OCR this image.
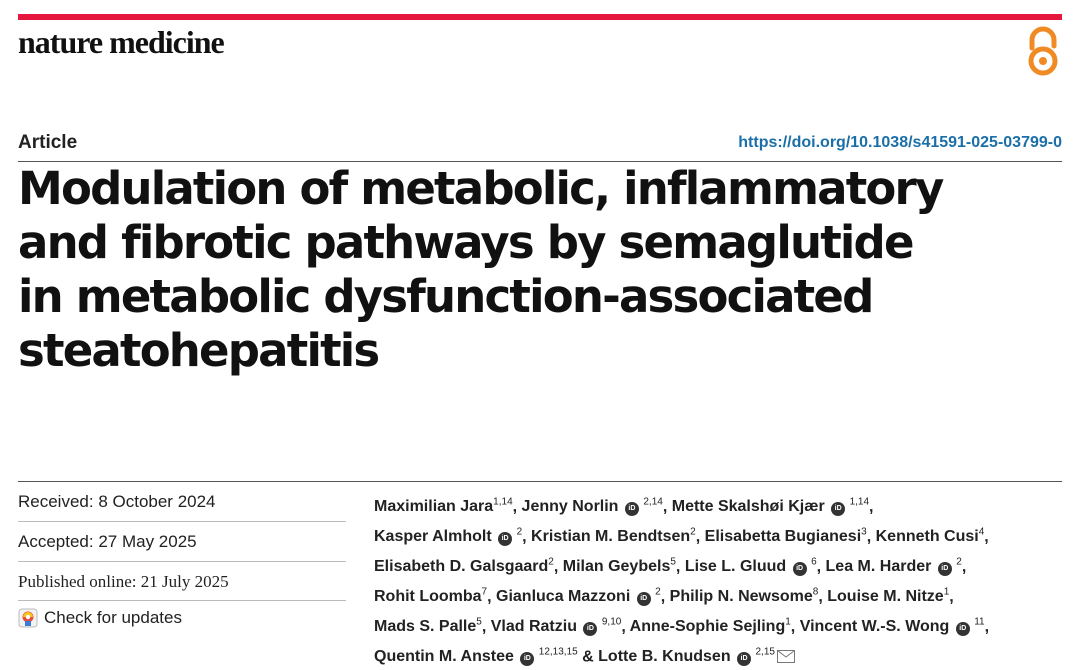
nature medicine
Article	https://doi.org/10.1038/s41591-025-03799-0
Modulation of metabolic, inflammatory
and fibrotic pathways by semaglutide
in metabolic dysfunction-associated
steatohepatitis
Received: 8 October 2024
Accepted: 27 May 2025
Published online: 21 July 2025
Check for updates
Maximilian Jara$^{1,14}$, Jenny Norlin iD $^{2,14}$, Mette Skalshøi Kjær iD $^{1,14}$,
Kasper Almholt iD $^2$, Kristian M. Bendtsen$^2$, Elisabetta Bugianesi$^3$, Kenneth Cusi$^4$,
Elisabeth D. Galsgaard$^2$, Milan Geybels$^5$, Lise L. Gluud iD $^6$, Lea M. Harder iD $^2$,
Rohit Loomba$^7$, Gianluca Mazzoni iD $^2$, Philip N. Newsome$^8$, Louise M. Nitze$^1$,
Mads S. Palle$^5$, Vlad Ratziu iD $^{9,10}$, Anne-Sophie Sejling$^1$, Vincent W.-S. Wong iD $^{11}$,
Quentin M. Anstee iD $^{12,13,15}$ & Lotte B. Knudsen iD $^{2,15}$
